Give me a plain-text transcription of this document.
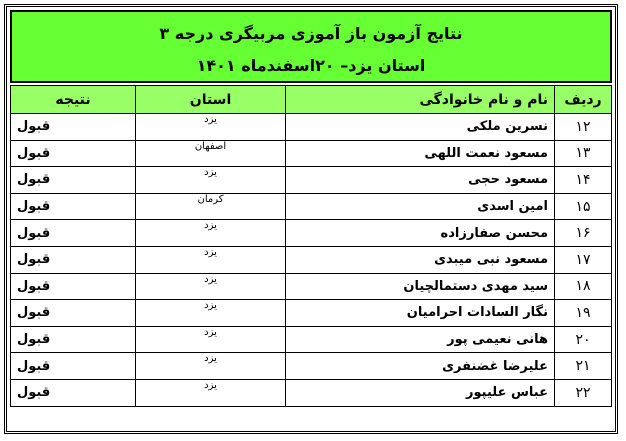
نتایج آزمون باز آموزی مربیگری درجه ۳
استان یزد– ۲۰اسفندماه ۱۴۰۱
ردیف	نام و نام خانوادگی	استان	نتیجه
۱۲	نسرین ملکی	یزد	قبول
۱۳	مسعود نعمت اللهی	اصفهان	قبول
۱۴	مسعود حجی	یزد	قبول
۱۵	امین اسدی	کرمان	قبول
۱۶	محسن صفارزاده	یزد	قبول
۱۷	مسعود نبی میبدی	یزد	قبول
۱۸	سید مهدی دستمالچیان	یزد	قبول
۱۹	نگار السادات احرامیان	یزد	قبول
۲۰	هانی نعیمی پور	یزد	قبول
۲۱	علیرضا غضنفری	یزد	قبول
۲۲	عباس علیپور	یزد	قبول
